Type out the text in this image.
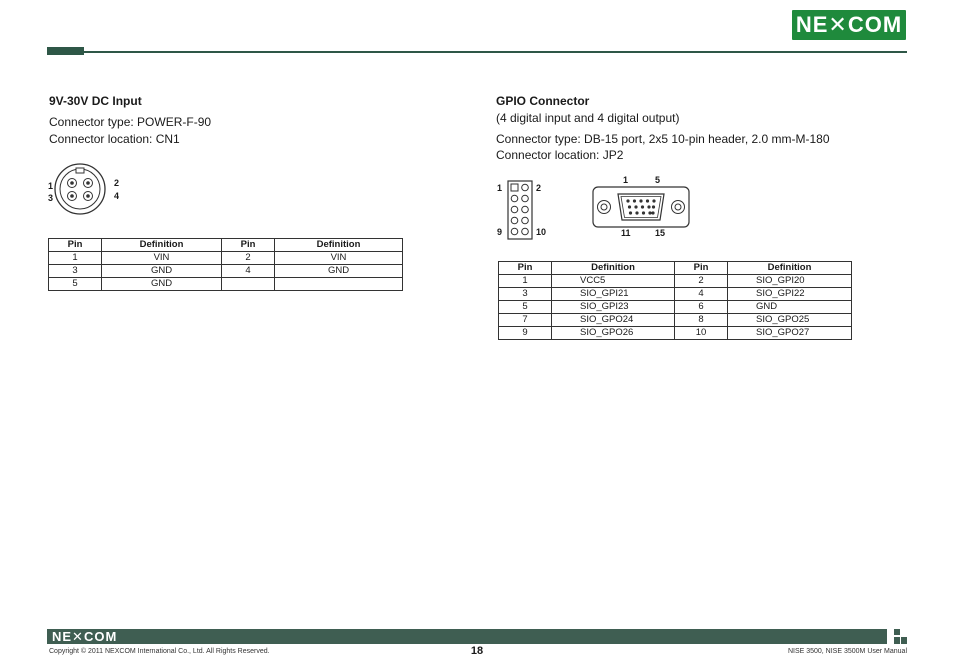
NE✕COM
9V-30V DC Input
Connector type: POWER-F-90
Connector location: CN1
1
3
2
4
Pin	Definition	Pin	Definition
1	VIN	2	VIN
3	GND	4	GND
5	GND		
GPIO Connector
(4 digital input and 4 digital output)
Connector type: DB-15 port, 2x5 10-pin header, 2.0 mm-M-180
Connector location: JP2
1	2
9	10
1	5
11	15
Pin	Definition	Pin	Definition
1	VCC5	2	SIO_GPI20
3	SIO_GPI21	4	SIO_GPI22
5	SIO_GPI23	6	GND
7	SIO_GPO24	8	SIO_GPO25
9	SIO_GPO26	10	SIO_GPO27
NE✕COM
Copyright © 2011 NEXCOM International Co., Ltd. All Rights Reserved.	18	NISE 3500, NISE 3500M User Manual
